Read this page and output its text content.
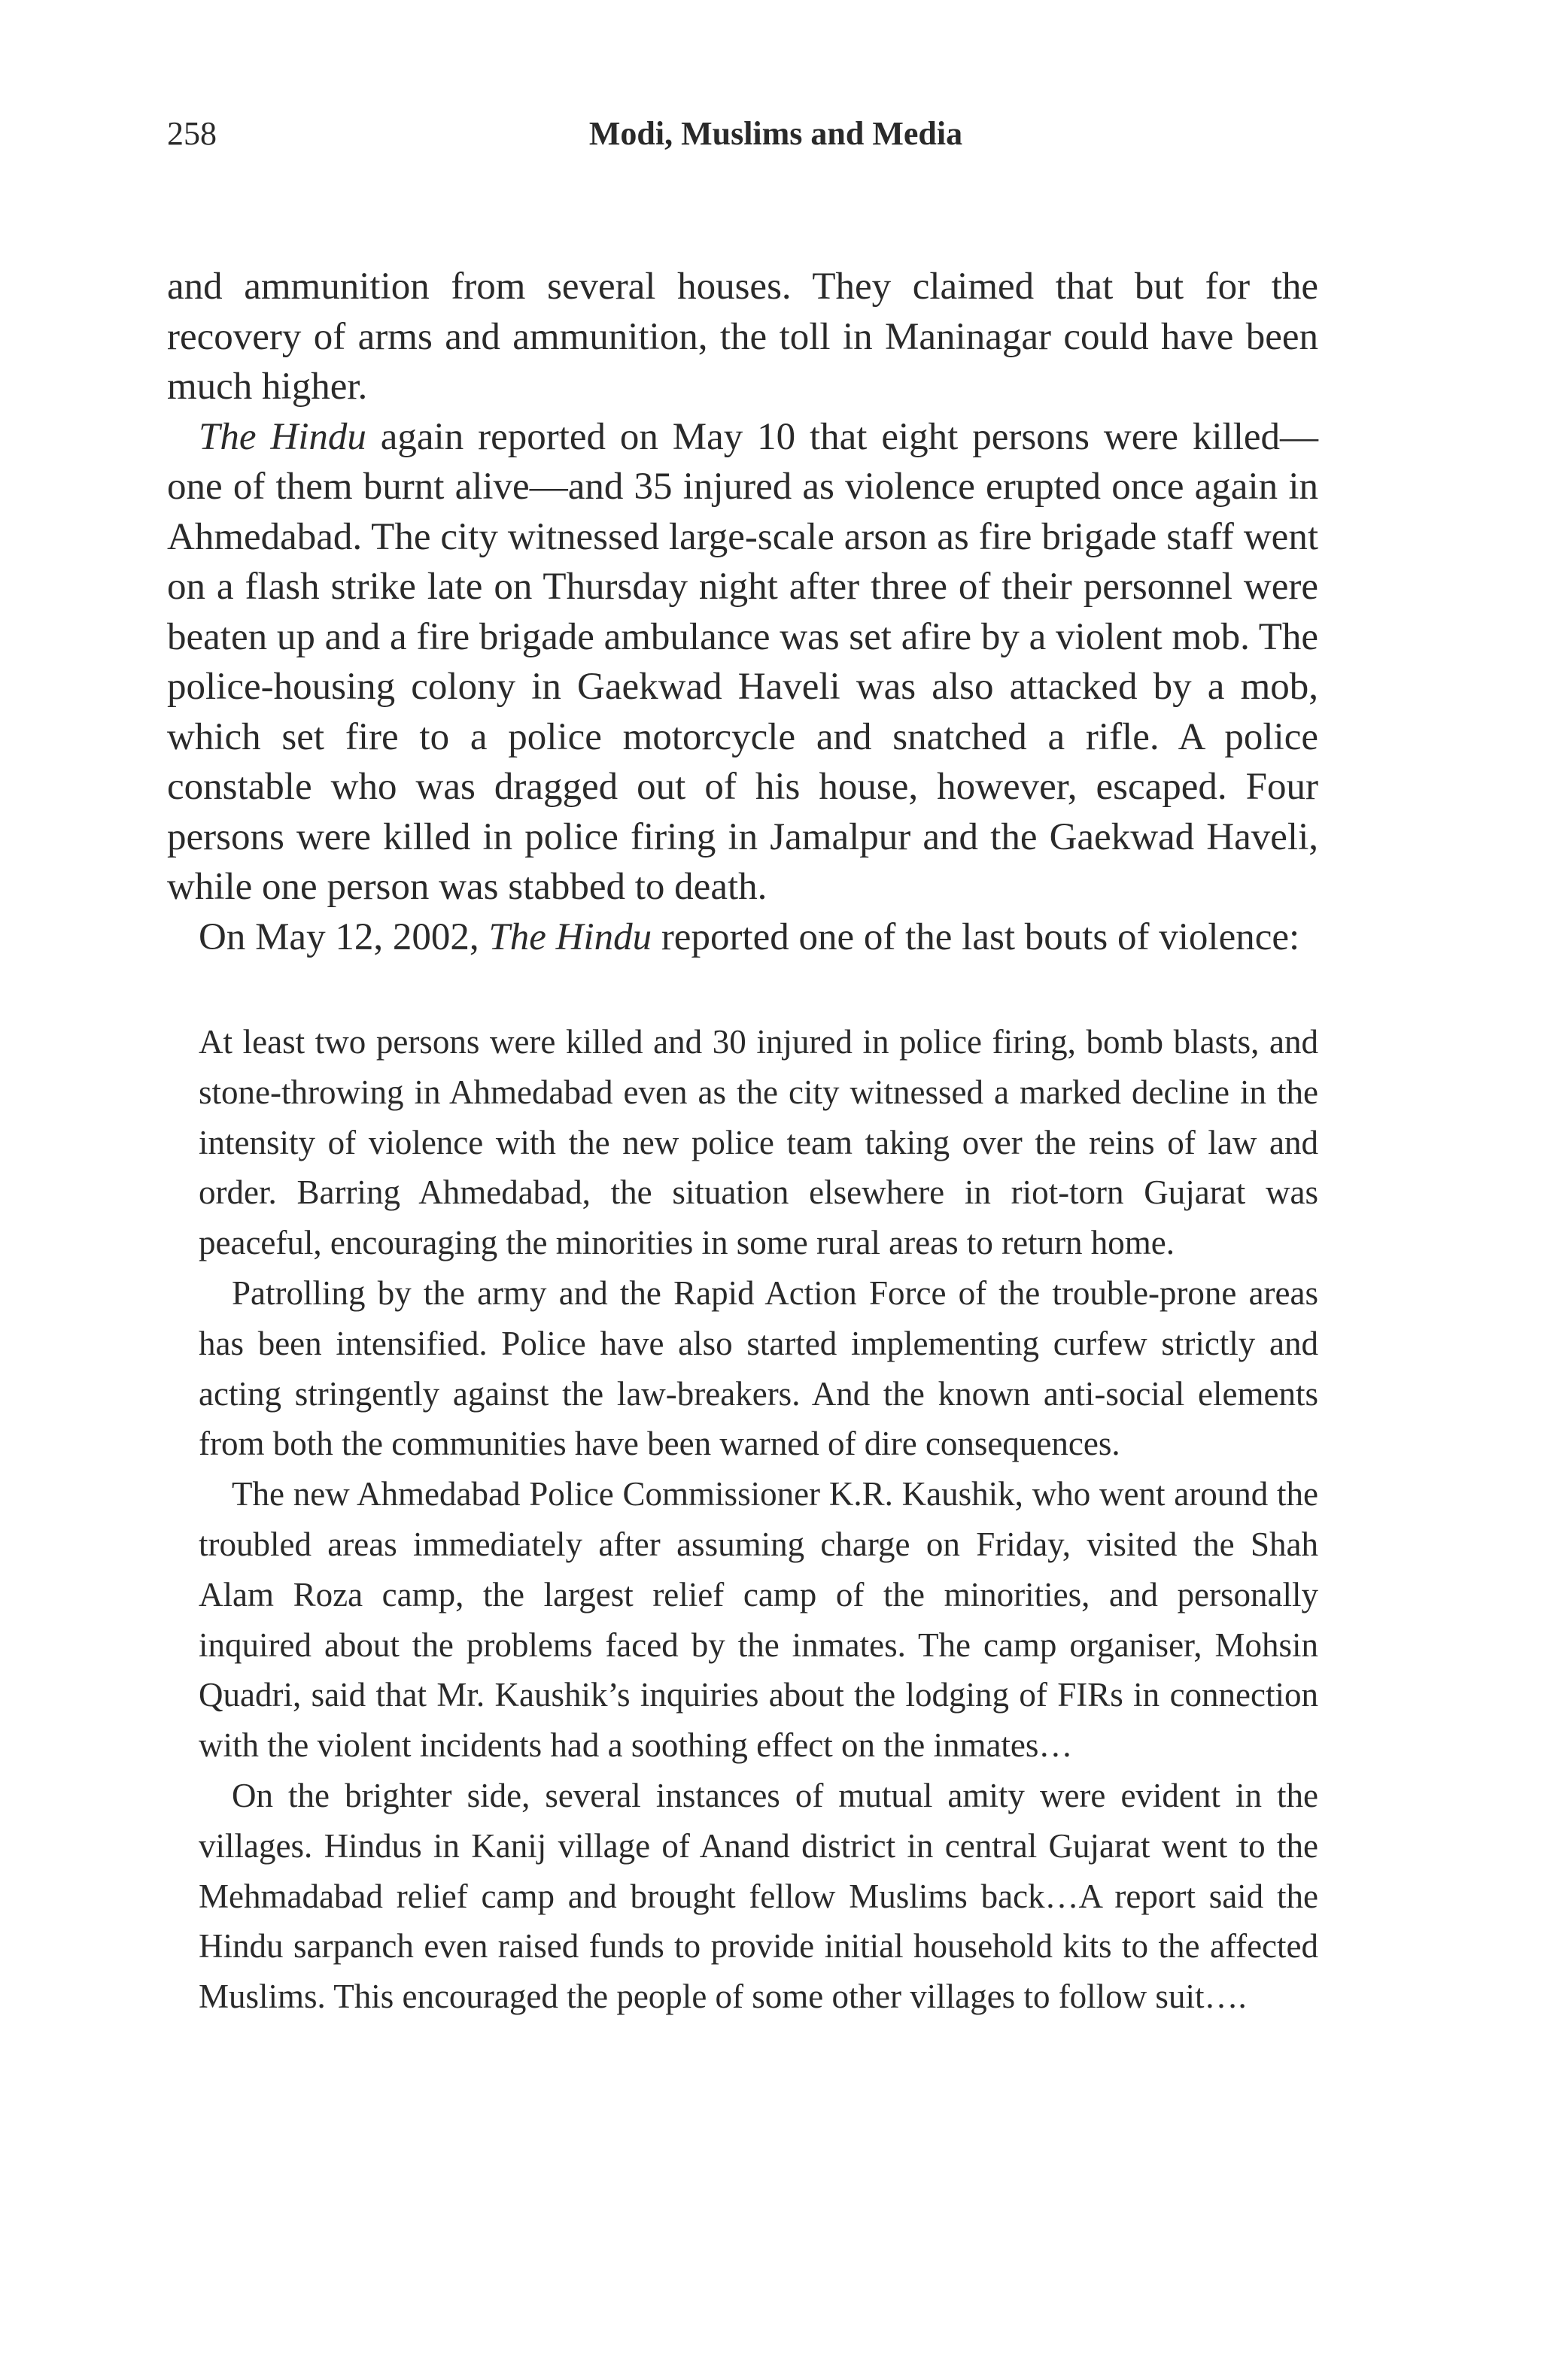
258	Modi, Muslims and Media

and ammunition from several houses. They claimed that but for the recovery of arms and ammunition, the toll in Maninagar could have been much higher.

The Hindu again reported on May 10 that eight persons were killed—one of them burnt alive—and 35 injured as violence erupted once again in Ahmedabad. The city witnessed large-scale arson as fire brigade staff went on a flash strike late on Thursday night after three of their personnel were beaten up and a fire brigade ambulance was set afire by a violent mob. The police-housing colony in Gaekwad Haveli was also attacked by a mob, which set fire to a police motorcycle and snatched a rifle. A police constable who was dragged out of his house, however, escaped. Four persons were killed in police firing in Jamalpur and the Gaekwad Haveli, while one person was stabbed to death.

On May 12, 2002, The Hindu reported one of the last bouts of violence:

At least two persons were killed and 30 injured in police firing, bomb blasts, and stone-throwing in Ahmedabad even as the city witnessed a marked decline in the intensity of violence with the new police team taking over the reins of law and order. Barring Ahmedabad, the situation elsewhere in riot-torn Gujarat was peaceful, encouraging the minorities in some rural areas to return home.

Patrolling by the army and the Rapid Action Force of the trouble-prone areas has been intensified. Police have also started implementing curfew strictly and acting stringently against the law-breakers. And the known anti-social elements from both the communities have been warned of dire consequences.

The new Ahmedabad Police Commissioner K.R. Kaushik, who went around the troubled areas immediately after assuming charge on Friday, visited the Shah Alam Roza camp, the largest relief camp of the minorities, and personally inquired about the problems faced by the inmates. The camp organiser, Mohsin Quadri, said that Mr. Kaushik’s inquiries about the lodging of FIRs in connection with the violent incidents had a soothing effect on the inmates…

On the brighter side, several instances of mutual amity were evident in the villages. Hindus in Kanij village of Anand district in central Gujarat went to the Mehmadabad relief camp and brought fellow Muslims back…A report said the Hindu sarpanch even raised funds to provide initial household kits to the affected Muslims. This encouraged the people of some other villages to follow suit….
